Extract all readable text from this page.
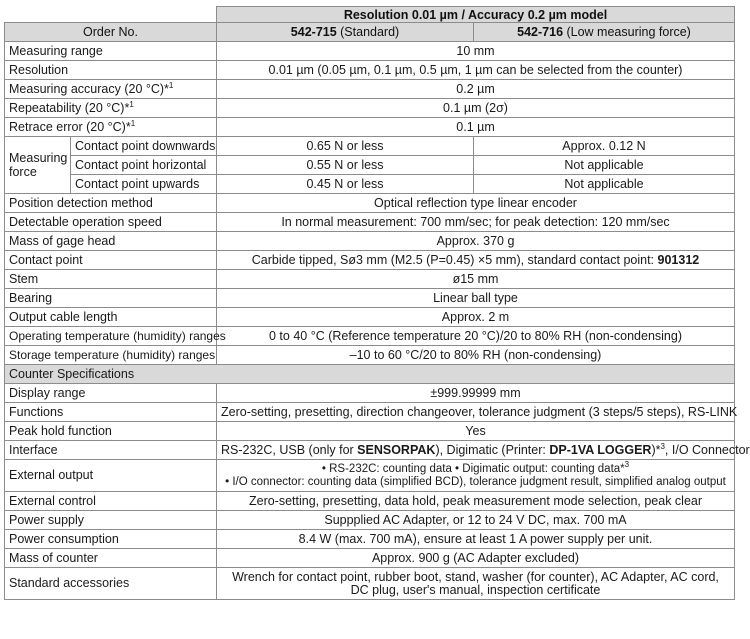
		Resolution 0.01 µm / Accuracy 0.2 µm model	
Order No.		542-715 (Standard)	542-716 (Low measuring force)
Measuring range		10 mm	
Resolution		0.01 µm (0.05 µm, 0.1 µm, 0.5 µm, 1 µm can be selected from the counter)	
Measuring accuracy (20 °C)*$^1$		0.2 µm	
Repeatability (20 °C)*$^1$		0.1 µm (2σ)	
Retrace error (20 °C)*$^1$		0.1 µm	
Measuring
force	Contact point downwards	0.65 N or less	Approx. 0.12 N
	Contact point horizontal	0.55 N or less	Not applicable
	Contact point upwards	0.45 N or less	Not applicable
Position detection method		Optical reflection type linear encoder	
Detectable operation speed		In normal measurement: 700 mm/sec; for peak detection: 120 mm/sec	
Mass of gage head		Approx. 370 g	
Contact point		Carbide tipped, Sø3 mm (M2.5 (P=0.45) ×5 mm), standard contact point: 901312	
Stem		ø15 mm	
Bearing		Linear ball type	
Output cable length		Approx. 2 m	
Operating temperature (humidity) ranges		0 to 40 °C (Reference temperature 20 °C)/20 to 80% RH (non-condensing)	
Storage temperature (humidity) ranges		–10 to 60 °C/20 to 80% RH (non-condensing)	
Counter Specifications			
Display range		±999.99999 mm	
Functions		Zero-setting, presetting, direction changeover, tolerance judgment (3 steps/5 steps), RS-LINK	
Peak hold function		Yes	
Interface		RS-232C, USB (only for SENSORPAK), Digimatic (Printer: DP-1VA LOGGER)*$^3$, I/O Connector	
External output		• RS-232C: counting data • Digimatic output: counting data*$^3$
• I/O connector: counting data (simplified BCD), tolerance judgment result, simplified analog output	
External control		Zero-setting, presetting, data hold, peak measurement mode selection, peak clear	
Power supply		Suppplied AC Adapter, or 12 to 24 V DC, max. 700 mA	
Power consumption		8.4 W (max. 700 mA), ensure at least 1 A power supply per unit.	
Mass of counter		Approx. 900 g (AC Adapter excluded)	
Standard accessories		Wrench for contact point, rubber boot, stand, washer (for counter), AC Adapter, AC cord,
DC plug, user's manual, inspection certificate	
